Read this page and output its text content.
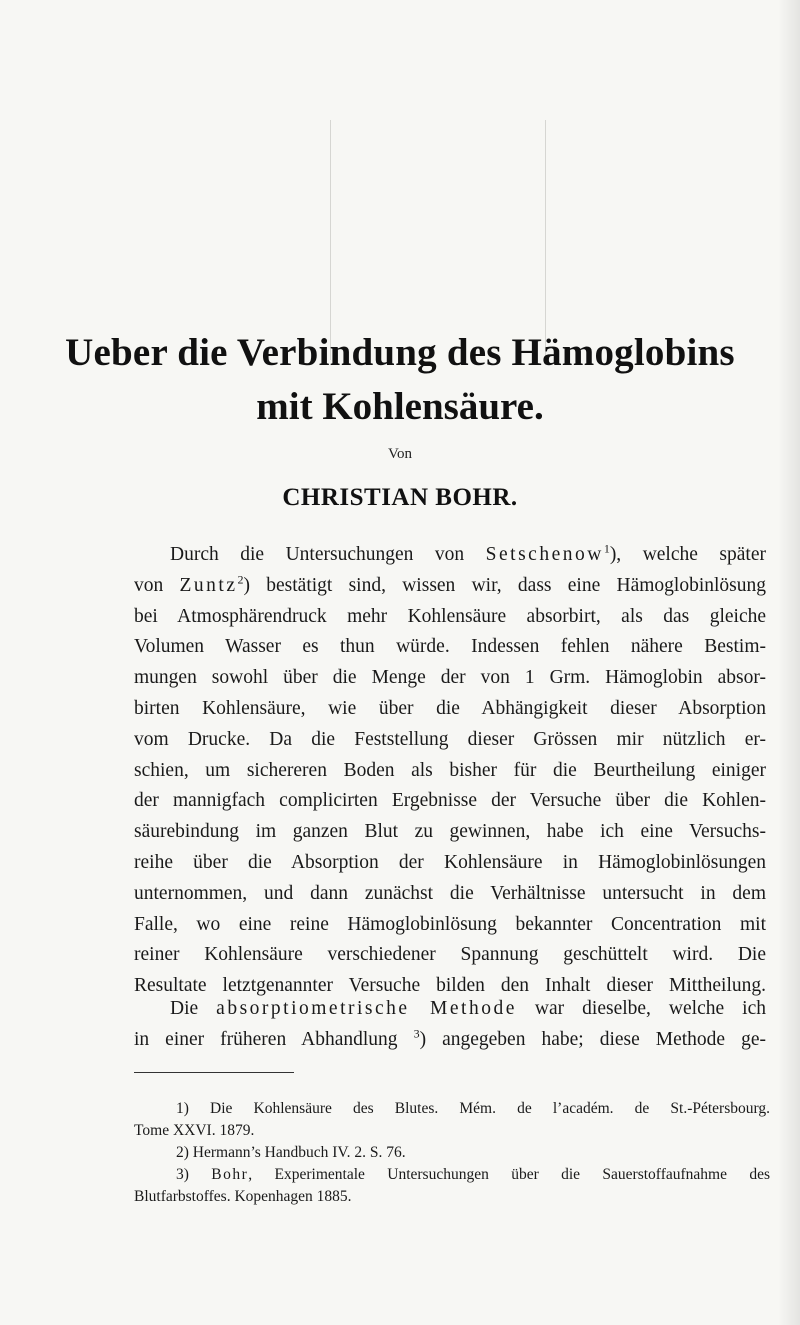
Ueber die Verbindung des Hämoglobins
mit Kohlensäure.
Von
CHRISTIAN BOHR.
Durch die Untersuchungen von Setschenow$^1$), welche später
von Zuntz$^2$) bestätigt sind, wissen wir, dass eine Hämoglobinlösung
bei Atmosphärendruck mehr Kohlensäure absorbirt, als das gleiche
Volumen Wasser es thun würde. Indessen fehlen nähere Bestim-
mungen sowohl über die Menge der von 1 Grm. Hämoglobin absor-
birten Kohlensäure, wie über die Abhängigkeit dieser Absorption
vom Drucke. Da die Feststellung dieser Grössen mir nützlich er-
schien, um sichereren Boden als bisher für die Beurtheilung einiger
der mannigfach complicirten Ergebnisse der Versuche über die Kohlen-
säurebindung im ganzen Blut zu gewinnen, habe ich eine Versuchs-
reihe über die Absorption der Kohlensäure in Hämoglobinlösungen
unternommen, und dann zunächst die Verhältnisse untersucht in dem
Falle, wo eine reine Hämoglobinlösung bekannter Concentration mit
reiner Kohlensäure verschiedener Spannung geschüttelt wird. Die
Resultate letztgenannter Versuche bilden den Inhalt dieser Mittheilung.
Die absorptiometrische Methode war dieselbe, welche ich
in einer früheren Abhandlung $^3$) angegeben habe; diese Methode ge-
1) Die Kohlensäure des Blutes. Mém. de l’académ. de St.-Pétersbourg.
Tome XXVI. 1879.
2) Hermann’s Handbuch IV. 2. S. 76.
3) Bohr, Experimentale Untersuchungen über die Sauerstoffaufnahme des
Blutfarbstoffes. Kopenhagen 1885.
